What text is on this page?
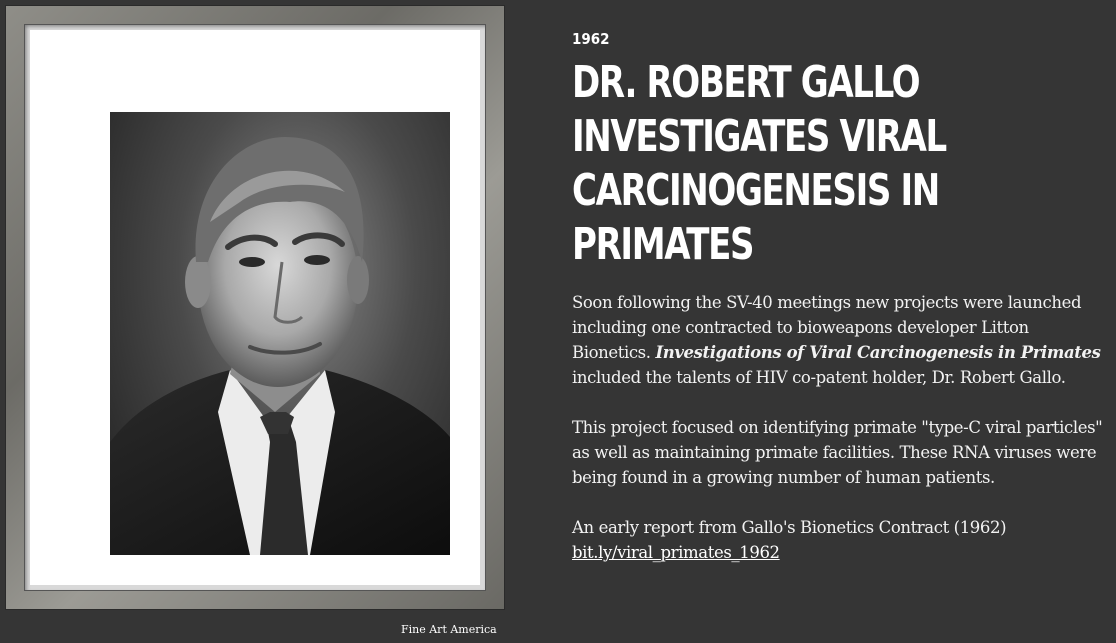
Fine Art America
1962
DR. ROBERT GALLO INVESTIGATES VIRAL CARCINOGENESIS IN PRIMATES

Soon following the SV-40 meetings new projects were launched including one contracted to bioweapons developer Litton Bionetics. Investigations of Viral Carcinogenesis in Primates included the talents of HIV co-patent holder, Dr. Robert Gallo.

This project focused on identifying primate "type-C viral particles" as well as maintaining primate facilities. These RNA viruses were being found in a growing number of human patients.

An early report from Gallo's Bionetics Contract (1962)
bit.ly/viral_primates_1962
